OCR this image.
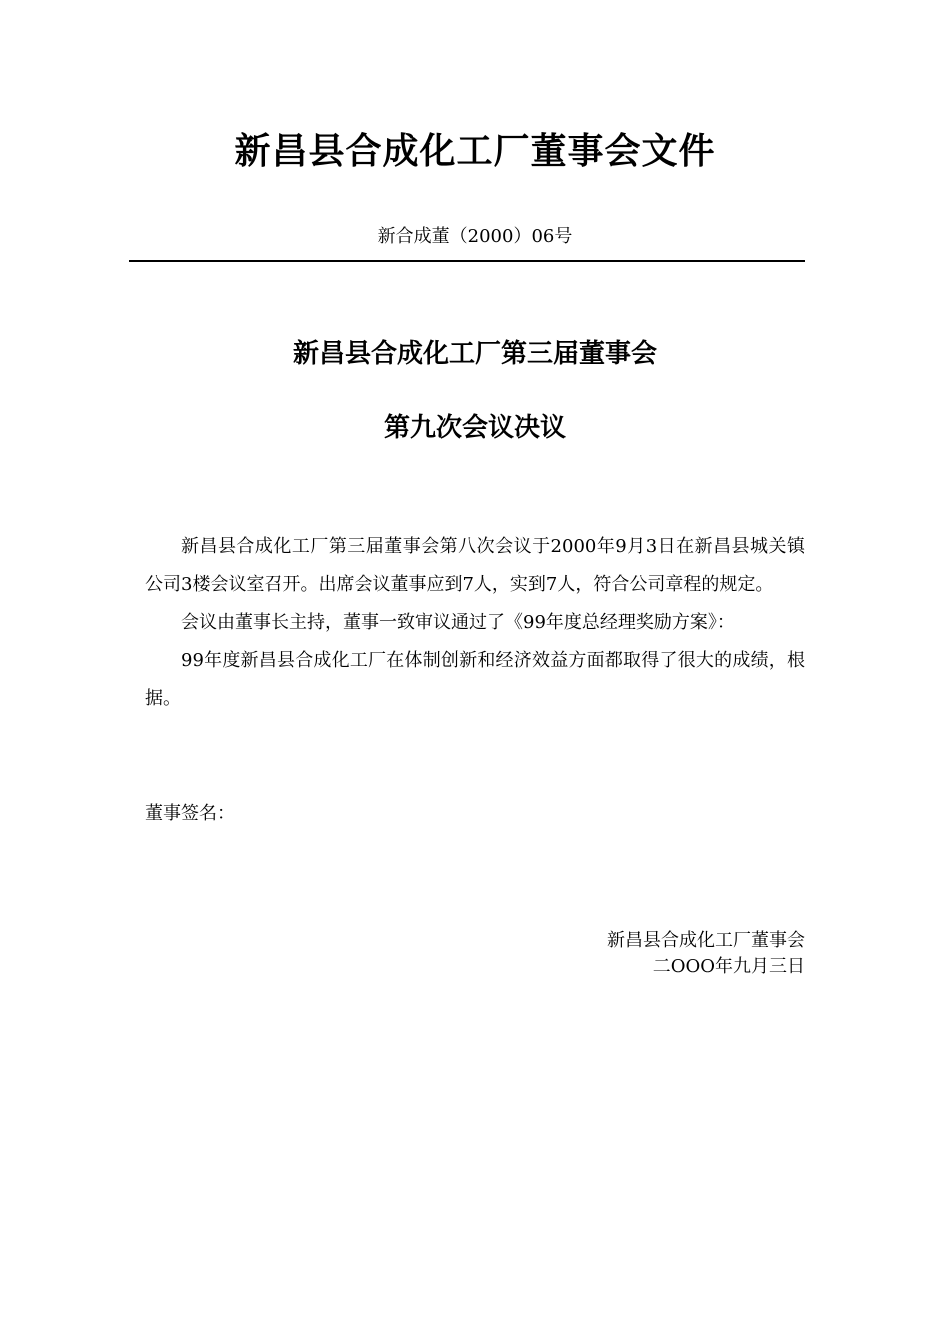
新昌县合成化工厂董事会文件
新合成董（2000）06号
新昌县合成化工厂第三届董事会
第九次会议决议

新昌县合成化工厂第三届董事会第八次会议于2000年9月3日在新昌县城关镇公司3楼会议室召开。出席会议董事应到7人，实到7人，符合公司章程的规定。

会议由董事长主持，董事一致审议通过了《99年度总经理奖励方案》：

99年度新昌县合成化工厂在体制创新和经济效益方面都取得了很大的成绩，根据。

董事签名：
新昌县合成化工厂董事会
二OOO年九月三日
